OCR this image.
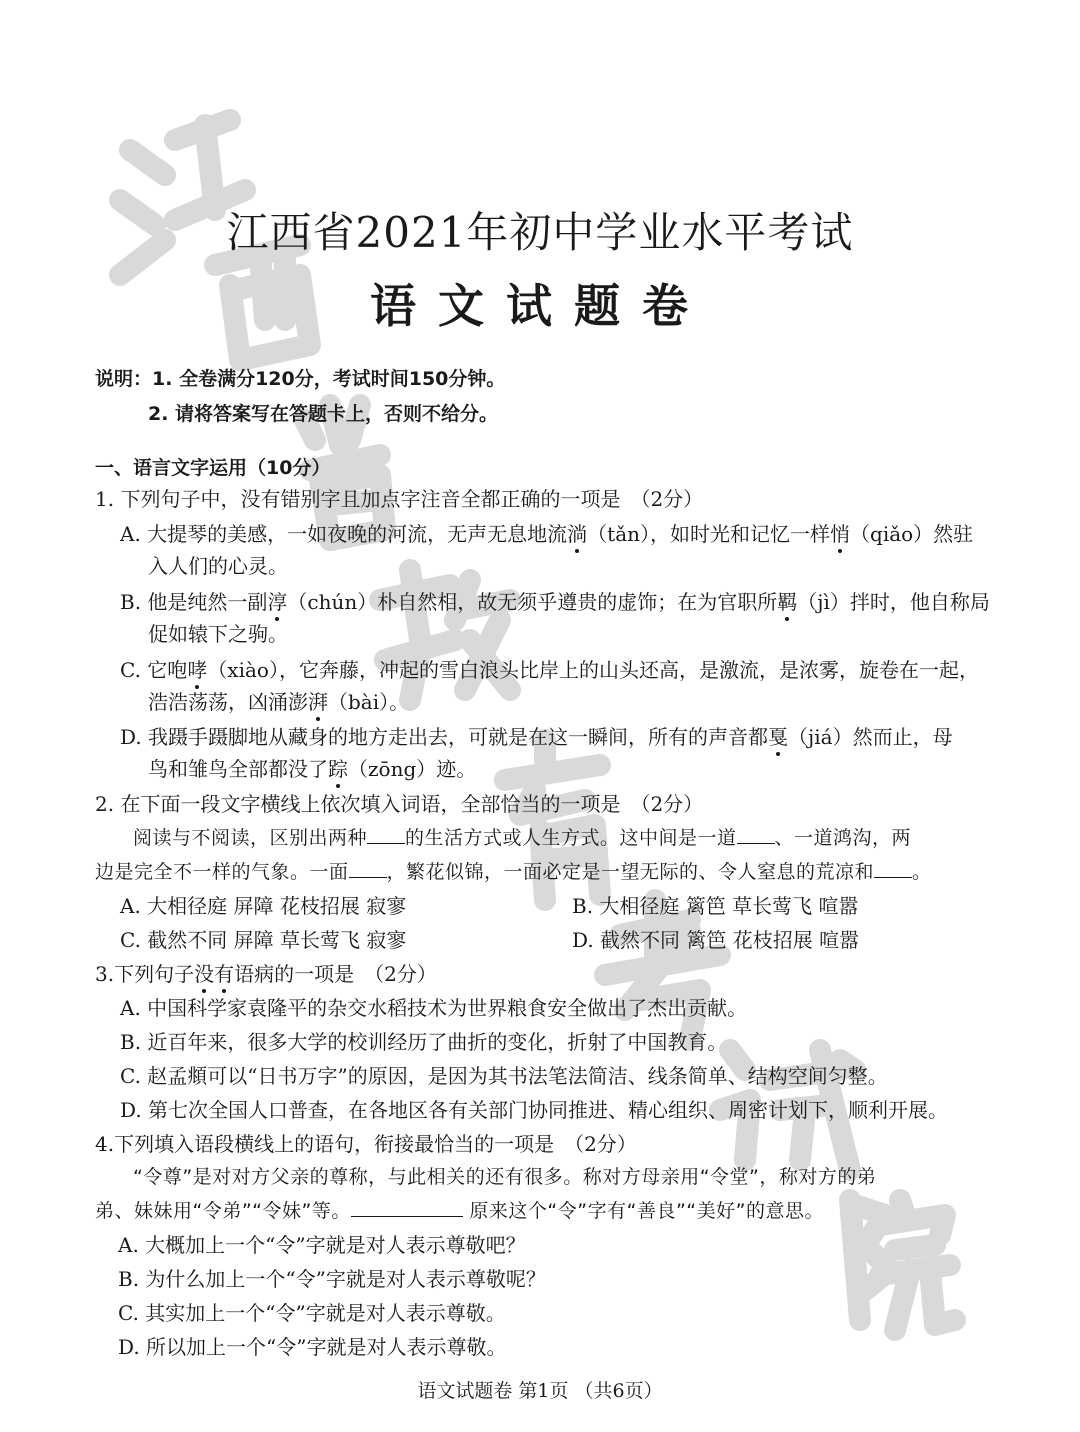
江西省2021年初中学业水平考试
语文试题卷
说明：1. 全卷满分120分，考试时间150分钟。
2. 请将答案写在答题卡上，否则不给分。
一、语言文字运用（10分）
1. 下列句子中，没有错别字且加点字注音全都正确的一项是　（2分）
A. 大提琴的美感，一如夜晚的河流，无声无息地流淌（tǎn），如时光和记忆一样悄（qiǎo）然驻
入人们的心灵。
B. 他是纯然一副淳（chún）朴自然相，故无须乎遵贵的虚饰；在为官职所羁（jì）拌时，他自称局
促如辕下之驹。
C. 它咆哮（xiào），它奔藤，冲起的雪白浪头比岸上的山头还高，是激流，是浓雾，旋卷在一起，
浩浩荡荡，凶涌澎湃（bài）。
D. 我蹑手蹑脚地从藏身的地方走出去，可就是在这一瞬间，所有的声音都戛（jiá）然而止，母
鸟和雏鸟全部都没了踪（zōng）迹。
2. 在下面一段文字横线上依次填入词语，全部恰当的一项是　（2分）
阅读与不阅读，区别出两种 的生活方式或人生方式。这中间是一道 、一道鸿沟，两
边是完全不一样的气象。一面 ，繁花似锦，一面必定是一望无际的、令人窒息的荒凉和 。
A. 大相径庭 屏障 花枝招展 寂寥	B. 大相径庭 篱笆 草长莺飞 喧嚣
C. 截然不同 屏障 草长莺飞 寂寥	D. 截然不同 篱笆 花枝招展 喧嚣
3.下列句子没有语病的一项是　（2分）
A. 中国科学家袁隆平的杂交水稻技术为世界粮食安全做出了杰出贡献。
B. 近百年来，很多大学的校训经历了曲折的变化，折射了中国教育。
C. 赵孟頫可以“日书万字”的原因，是因为其书法笔法简洁、线条简单、结构空间匀整。
D. 第七次全国人口普查，在各地区各有关部门协同推进、精心组织、周密计划下，顺利开展。
4.下列填入语段横线上的语句，衔接最恰当的一项是　（2分）
“令尊”是对对方父亲的尊称，与此相关的还有很多。称对方母亲用“令堂”，称对方的弟
弟、妹妹用“令弟”“令妹”等。	原来这个“令”字有“善良”“美好”的意思。
A. 大概加上一个“令”字就是对人表示尊敬吧？
B. 为什么加上一个“令”字就是对人表示尊敬呢？
C. 其实加上一个“令”字就是对人表示尊敬。
D. 所以加上一个“令”字就是对人表示尊敬。
语文试题卷 第1页 （共6页）
